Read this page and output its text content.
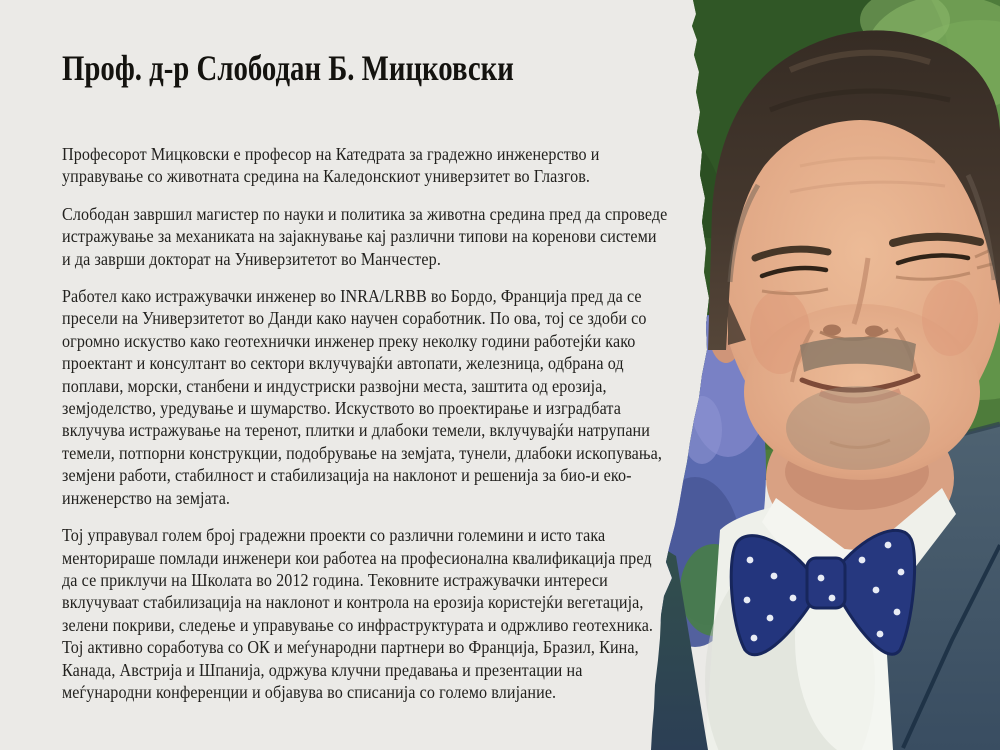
Проф. д-р Слободан Б. Мицковски

Професорот Мицковски е професор на Катедрата за градежно инженерство и управување со животната средина на Каледонскиот универзитет во Глазгов.

Слободан завршил магистер по науки и политика за животна средина пред да спроведе истражување за механиката на зајакнување кај различни типови на коренови системи и да заврши докторат на Универзитетот во Манчестер.

Работел како истражувачки инженер во INRA/LRBB во Бордо, Франција пред да се пресели на Универзитетот во Данди како научен соработник. По ова, тој се здоби со огромно искуство како геотехнички инженер преку неколку години работејќи како проектант и консултант во сектори вклучувајќи автопати, железница, одбрана од поплави, морски, станбени и индустриски развојни места, заштита од ерозија, земјоделство, уредување и шумарство. Искуството во проектирање и изградбата вклучува истражување на теренот, плитки и длабоки темели, вклучувајќи натрупани темели, потпорни конструкции, подобрување на земјата, тунели, длабоки ископувања, земјени работи, стабилност и стабилизација на наклонот и решенија за био-и еко-инженерство на земјата.

Тој управувал голем број градежни проекти со различни големини и исто така менторираше помлади инженери кои работеа на професионална квалификација пред да се приклучи на Школата во 2012 година. Тековните истражувачки интереси вклучуваат стабилизација на наклонот и контрола на ерозија користејќи вегетација, зелени покриви, следење и управување со инфраструктурата и одржливо геотехника. Тој активно соработува со ОК и меѓународни партнери во Франција, Бразил, Кина, Канада, Австрија и Шпанија, одржува клучни предавања и презентации на меѓународни конференции и објавува во списанија со големо влијание.
